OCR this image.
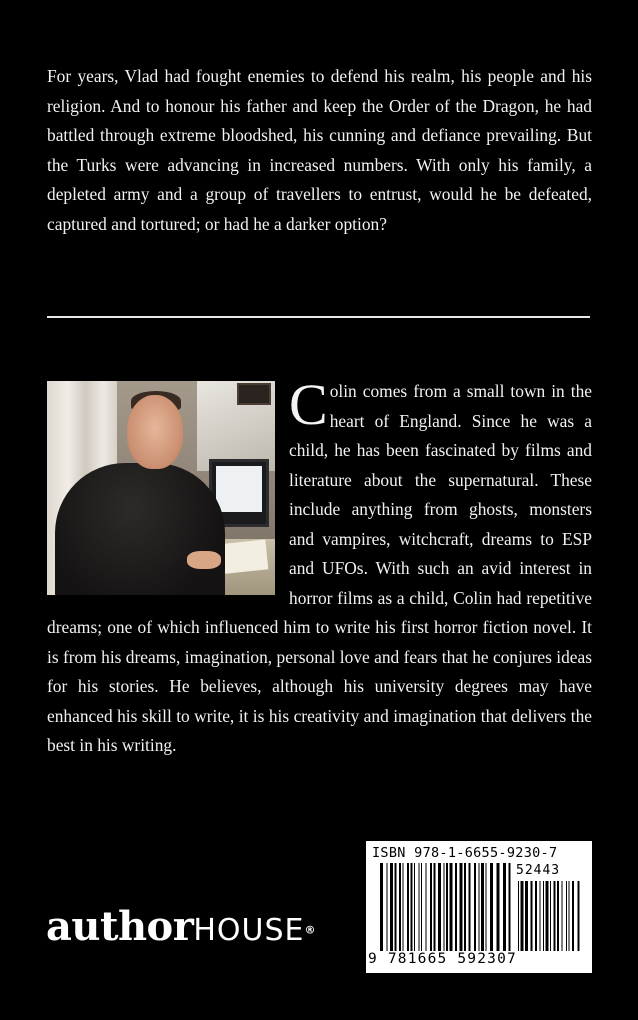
For years, Vlad had fought enemies to defend his realm, his people and his religion. And to honour his father and keep the Order of the Dragon, he had battled through extreme bloodshed, his cunning and defiance prevailing. But the Turks were advancing in increased numbers. With only his family, a depleted army and a group of travellers to entrust, would he be defeated, captured and tortured; or had he a darker option?

Colin comes from a small town in the heart of England. Since he was a child, he has been fascinated by films and literature about the supernatural. These include anything from ghosts, monsters and vampires, witchcraft, dreams to ESP and UFOs. With such an avid interest in horror films as a child, Colin had repetitive dreams; one of which influenced him to write his first horror fiction novel. It is from his dreams, imagination, personal love and fears that he conjures ideas for his stories. He believes, although his university degrees may have enhanced his skill to write, it is his creativity and imagination that delivers the best in his writing.
authorHOUSE®
ISBN 978-1-6655-9230-7
52443
9 781665 592307
